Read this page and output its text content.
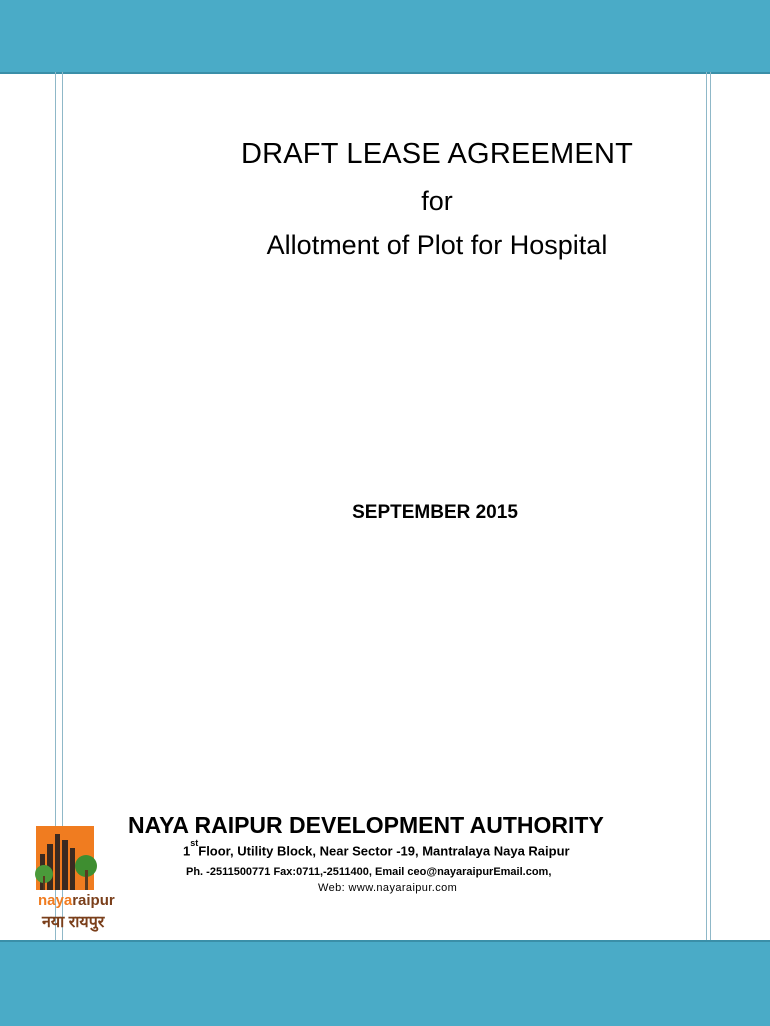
DRAFT LEASE AGREEMENT
for
Allotment of Plot for Hospital
SEPTEMBER 2015
nayaraipur
नया रायपुर
NAYA RAIPUR DEVELOPMENT AUTHORITY
1stFloor, Utility Block, Near Sector -19, Mantralaya Naya Raipur
Ph. -2511500771 Fax:0711,-2511400, Email ceo@nayaraipurEmail.com,
Web: www.nayaraipur.com
